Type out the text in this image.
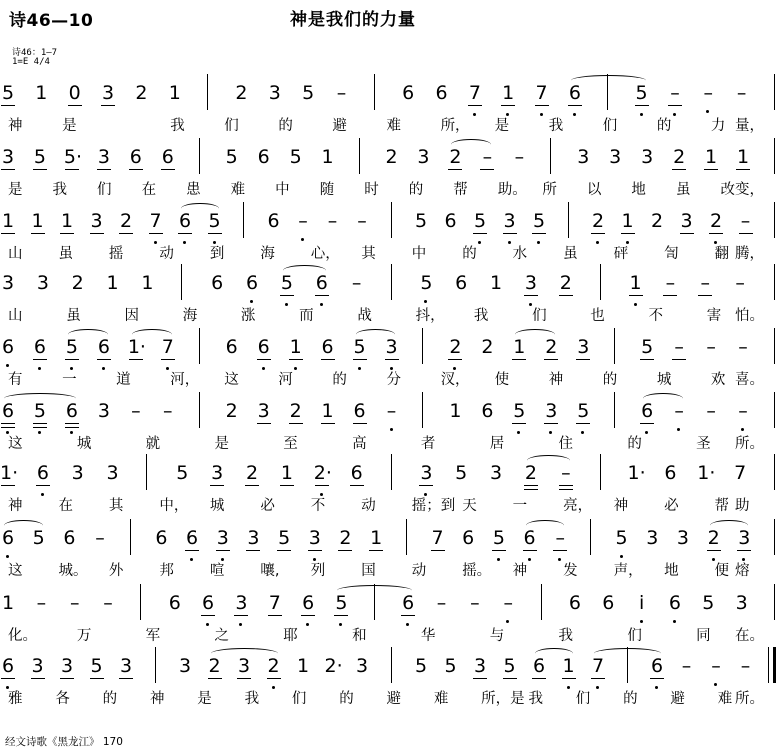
诗46—10	神是我们的力量
诗46：1—7
1=E 4/4
5 1 0 3 2 1	2 3 5 –	6 6 7 1 7 6	5 – – –
神	是	我	们	的	避	难	所， 是	我	们	的	力 量，
3 5 5· 3 6 6	5 6 5 1	2 3 2 – –	3 3 3 2 1 1
是 我 们 在 患 难 中 随 时 的 帮 助。 所 以 地 虽 改 变，
1 1 1 3 2 7 6 5 6 – – –	5 6 5 3 5 2 1 2 3 2 –
山 虽 摇 动 到 海 心， 其 中 的 水 虽 砰 訇 翻 腾，
3 3 2 1 1	6 6 5 6 –	5 6 1 3 2	1 – – –
山	虽	因	海	涨	而	战	抖， 我	们	也	不	害 怕。
6 6 5 6 1· 7	6 6 1 6 5 3	2 2 1 2 3	5 – – –
有	一	道	河， 这	河	的	分	汊， 使	神	的	城	欢 喜。
6 5 6 3 – –	2 3 2 1 6 –	1 6 5 3 5	6 – – –
这	城	就	是	至	高	者	居	住	的	圣 所。
1· 6 3 3	5 3 2 1 2· 6	3 5 3 2 –	1· 6 1· 7
神 在 其 中， 城 必 不 动 摇；到 天 一 亮， 神 必 帮 助
6 5 6 –	6 6 3 3 5 3 2 1	7 6 5 6 –	5 3 3 2 3
这 城。 外 邦 喧 嚷, 列 国 动 摇。 神 发 声， 地 便 熔
1 – – –	6 6 3 7 6 5	6 – – –	6 6 i 6 5 3
化。	万	军	之	耶	和	华	与	我	们	同 在。
6 3 3 5 3 3 2 3 2 1 2· 3 5 5 3 5 6 1 7 6 – – –
雅 各 的 神 是 我 们 的 避 难 所，是 我 们 的 避 难 所。
经文诗歌《黑龙江》 170
